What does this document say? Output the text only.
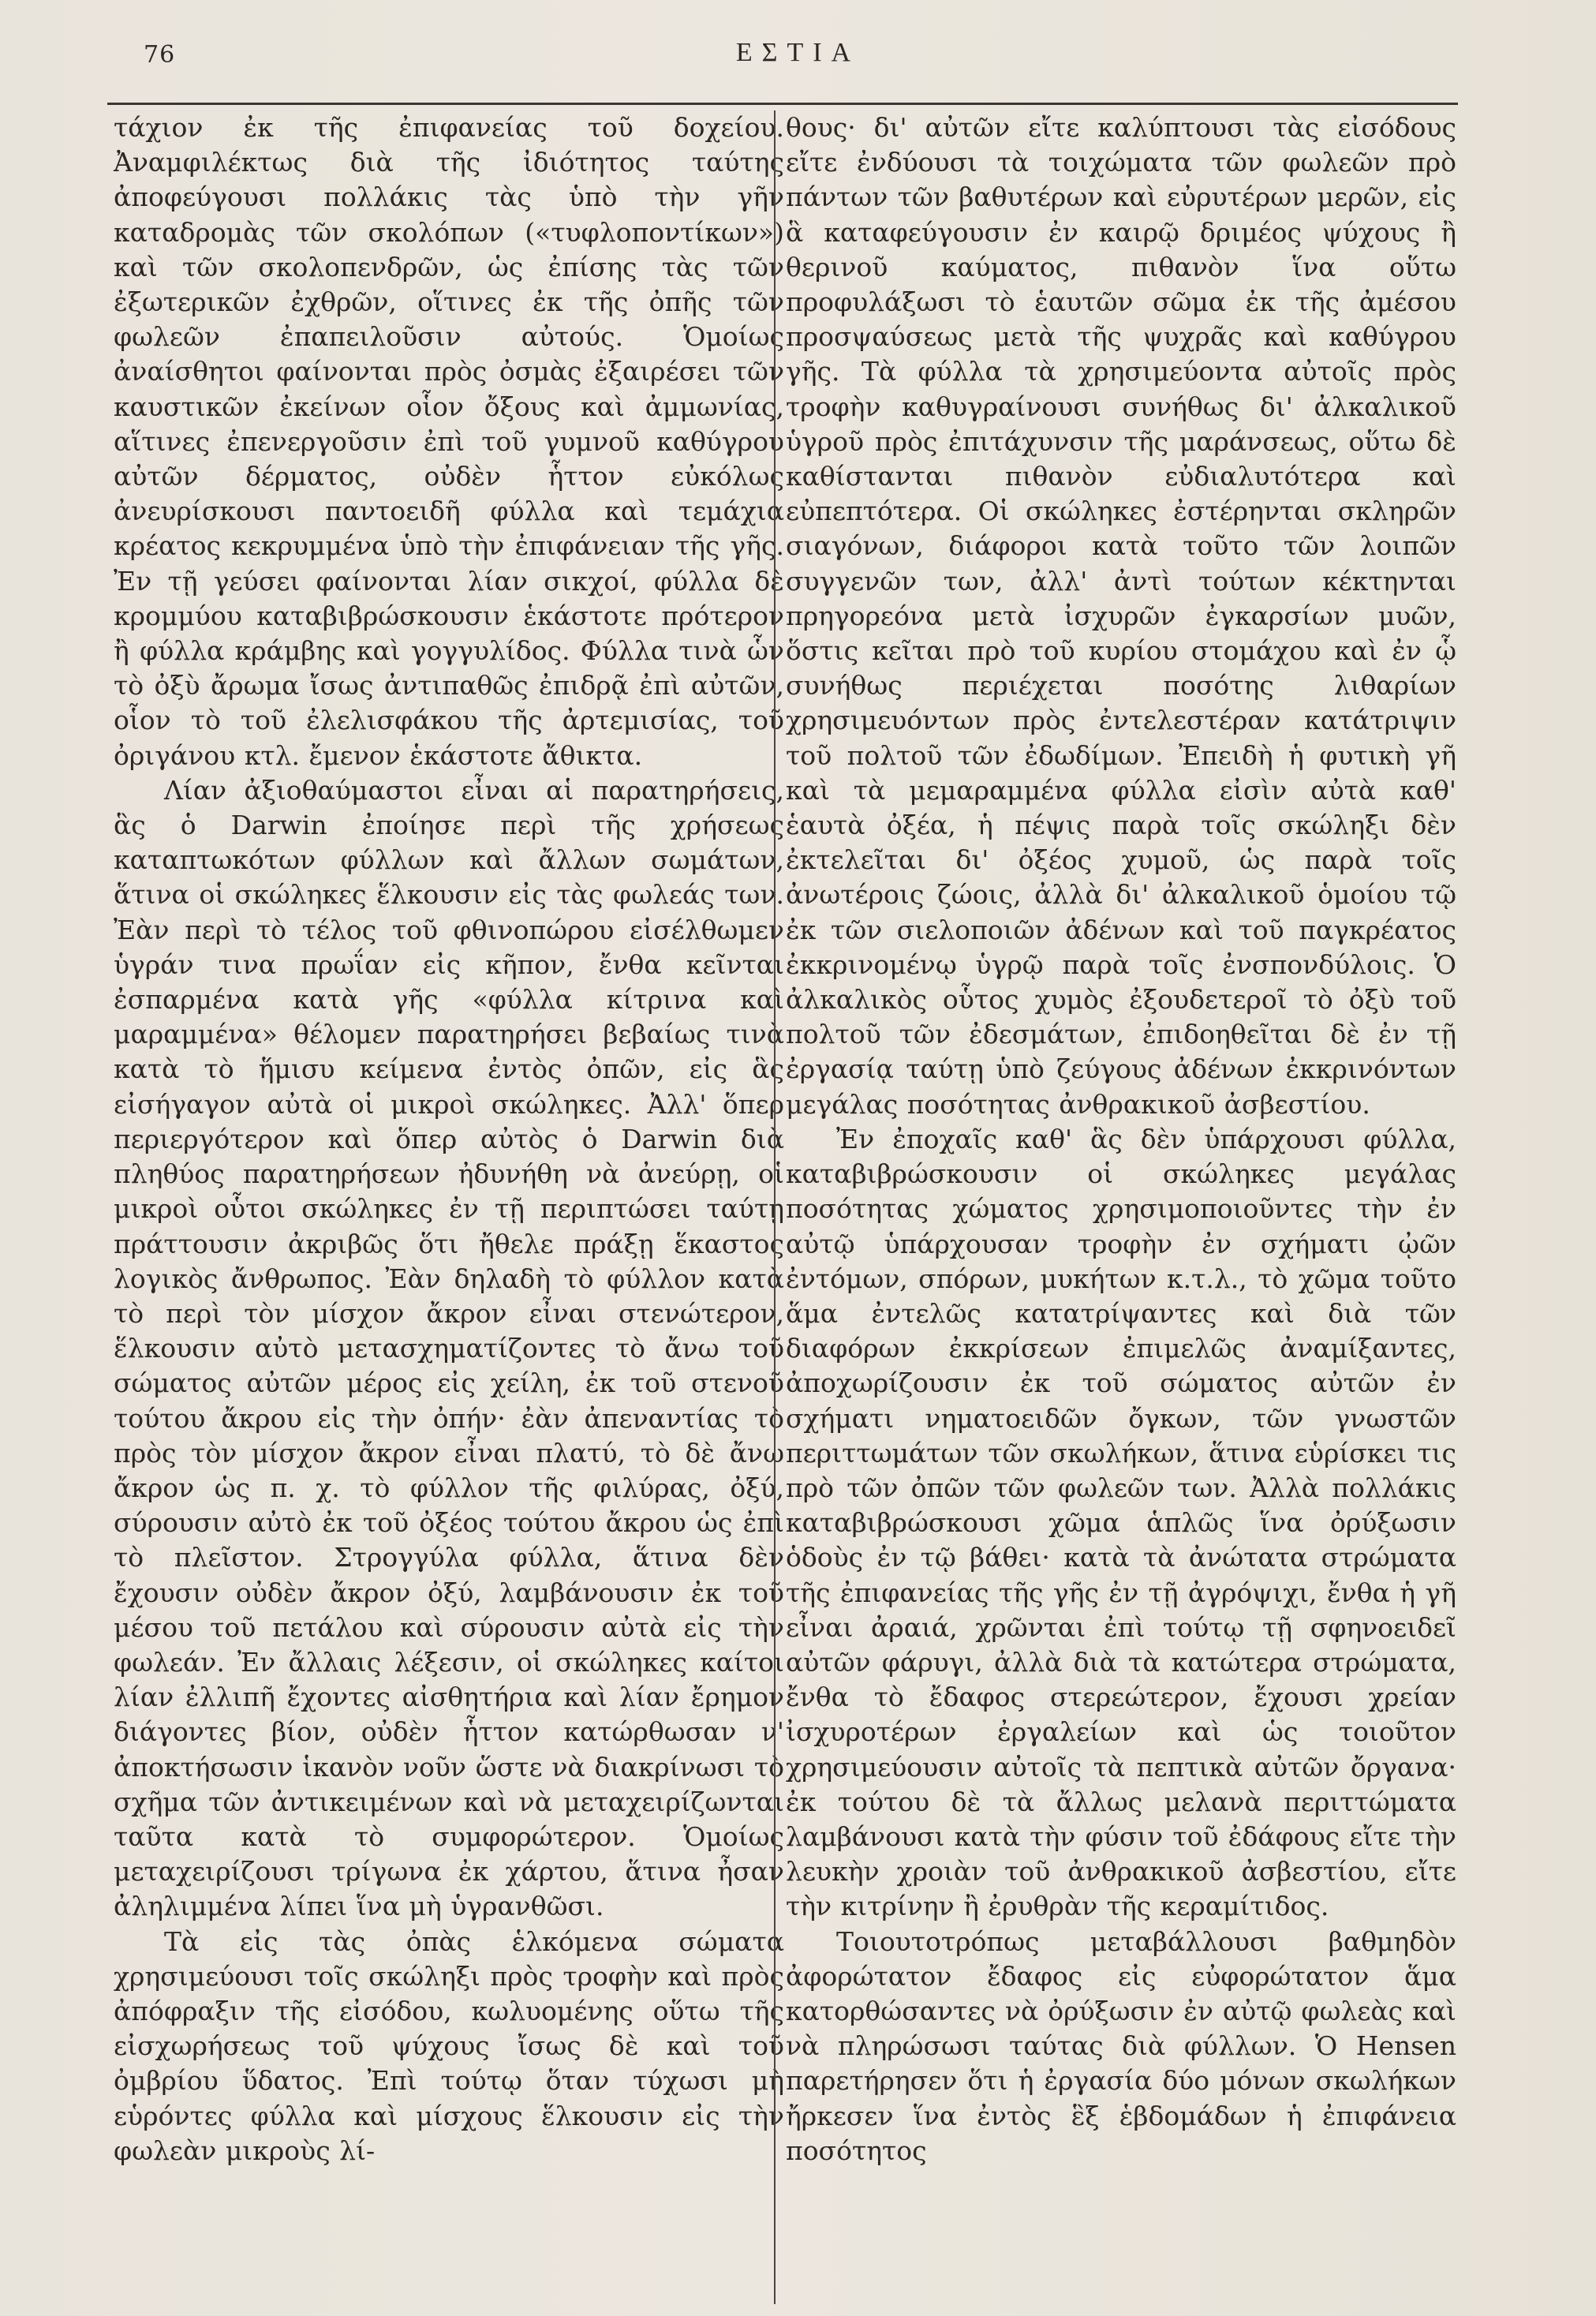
76	ΕΣΤΙΑ

τάχιον ἐκ τῆς ἐπιφανείας τοῦ δοχείου. Ἀναμφιλέκτως διὰ τῆς ἰδιότητος ταύτης ἀποφεύγουσι πολλάκις τὰς ὑπὸ τὴν γῆν καταδρομὰς τῶν σκολόπων («τυφλοποντίκων») καὶ τῶν σκολοπενδρῶν, ὡς ἐπίσης τὰς τῶν ἐξωτερικῶν ἐχθρῶν, οἵτινες ἐκ τῆς ὀπῆς τῶν φωλεῶν ἐπαπειλοῦσιν αὐτούς. Ὁμοίως ἀναίσθητοι φαίνονται πρὸς ὀσμὰς ἐξαιρέσει τῶν καυστικῶν ἐκείνων οἷον ὄξους καὶ ἀμμωνίας, αἵτινες ἐπενεργοῦσιν ἐπὶ τοῦ γυμνοῦ καθύγρου αὐτῶν δέρματος, οὐδὲν ἧττον εὐκόλως ἀνευρίσκουσι παντοειδῆ φύλλα καὶ τεμάχια κρέατος κεκρυμμένα ὑπὸ τὴν ἐπιφάνειαν τῆς γῆς. Ἐν τῇ γεύσει φαίνονται λίαν σικχοί, φύλλα δὲ κρομμύου καταβιβρώσκουσιν ἑκάστοτε πρότερον ἢ φύλλα κράμβης καὶ γογγυλίδος. Φύλλα τινὰ ὧν τὸ ὀξὺ ἄρωμα ἴσως ἀντιπαθῶς ἐπιδρᾷ ἐπὶ αὐτῶν, οἷον τὸ τοῦ ἐλελισφάκου τῆς ἀρτεμισίας, τοῦ ὀριγάνου κτλ. ἔμενον ἑκάστοτε ἄθικτα.

Λίαν ἀξιοθαύμαστοι εἶναι αἱ παρατηρήσεις, ἃς ὁ Darwin ἐποίησε περὶ τῆς χρήσεως καταπτωκότων φύλλων καὶ ἄλλων σωμάτων, ἅτινα οἱ σκώληκες ἕλκουσιν εἰς τὰς φωλεάς των. Ἐὰν περὶ τὸ τέλος τοῦ φθινοπώρου εἰσέλθωμεν ὑγράν τινα πρωΐαν εἰς κῆπον, ἔνθα κεῖνται ἐσπαρμένα κατὰ γῆς «φύλλα κίτρινα καὶ μαραμμένα» θέλομεν παρατηρήσει βεβαίως τινὰ κατὰ τὸ ἥμισυ κείμενα ἐντὸς ὀπῶν, εἰς ἃς εἰσήγαγον αὐτὰ οἱ μικροὶ σκώληκες. Ἀλλ' ὅπερ περιεργότερον καὶ ὅπερ αὐτὸς ὁ Darwin διὰ πληθύος παρατηρήσεων ἠδυνήθη νὰ ἀνεύρῃ, οἱ μικροὶ οὗτοι σκώληκες ἐν τῇ περιπτώσει ταύτῃ πράττουσιν ἀκριβῶς ὅτι ἤθελε πράξῃ ἕκαστος λογικὸς ἄνθρωπος. Ἐὰν δηλαδὴ τὸ φύλλον κατὰ τὸ περὶ τὸν μίσχον ἄκρον εἶναι στενώτερον, ἕλκουσιν αὐτὸ μετασχηματίζοντες τὸ ἄνω τοῦ σώματος αὐτῶν μέρος εἰς χείλη, ἐκ τοῦ στενοῦ τούτου ἄκρου εἰς τὴν ὀπήν· ἐὰν ἀπεναντίας τὸ πρὸς τὸν μίσχον ἄκρον εἶναι πλατύ, τὸ δὲ ἄνω ἄκρον ὡς π. χ. τὸ φύλλον τῆς φιλύρας, ὀξύ, σύρουσιν αὐτὸ ἐκ τοῦ ὀξέος τούτου ἄκρου ὡς ἐπὶ τὸ πλεῖστον. Στρογγύλα φύλλα, ἅτινα δὲν ἔχουσιν οὐδὲν ἄκρον ὀξύ, λαμβάνουσιν ἐκ τοῦ μέσου τοῦ πετάλου καὶ σύρουσιν αὐτὰ εἰς τὴν φωλεάν. Ἐν ἄλλαις λέξεσιν, οἱ σκώληκες καίτοι λίαν ἐλλιπῆ ἔχοντες αἰσθητήρια καὶ λίαν ἔρημον διάγοντες βίον, οὐδὲν ἧττον κατώρθωσαν ν' ἀποκτήσωσιν ἱκανὸν νοῦν ὥστε νὰ διακρίνωσι τὸ σχῆμα τῶν ἀντικειμένων καὶ νὰ μεταχειρίζωνται ταῦτα κατὰ τὸ συμφορώτερον. Ὁμοίως μεταχειρίζουσι τρίγωνα ἐκ χάρτου, ἅτινα ἦσαν ἀληλιμμένα λίπει ἵνα μὴ ὑγρανθῶσι.

Τὰ εἰς τὰς ὀπὰς ἑλκόμενα σώματα χρησιμεύουσι τοῖς σκώληξι πρὸς τροφὴν καὶ πρὸς ἀπόφραξιν τῆς εἰσόδου, κωλυομένης οὕτω τῆς εἰσχωρήσεως τοῦ ψύχους ἴσως δὲ καὶ τοῦ ὀμβρίου ὕδατος. Ἐπὶ τούτῳ ὅταν τύχωσι μὴ εὑρόντες φύλλα καὶ μίσχους ἕλκουσιν εἰς τὴν φωλεὰν μικροὺς λί-

θους· δι' αὐτῶν εἴτε καλύπτουσι τὰς εἰσόδους εἴτε ἐνδύουσι τὰ τοιχώματα τῶν φωλεῶν πρὸ πάντων τῶν βαθυτέρων καὶ εὐρυτέρων μερῶν, εἰς ἃ καταφεύγουσιν ἐν καιρῷ δριμέος ψύχους ἢ θερινοῦ καύματος, πιθανὸν ἵνα οὕτω προφυλάξωσι τὸ ἑαυτῶν σῶμα ἐκ τῆς ἀμέσου προσψαύσεως μετὰ τῆς ψυχρᾶς καὶ καθύγρου γῆς. Τὰ φύλλα τὰ χρησιμεύοντα αὐτοῖς πρὸς τροφὴν καθυγραίνουσι συνήθως δι' ἀλκαλικοῦ ὑγροῦ πρὸς ἐπιτάχυνσιν τῆς μαράνσεως, οὕτω δὲ καθίστανται πιθανὸν εὐδιαλυτότερα καὶ εὐπεπτότερα. Οἱ σκώληκες ἐστέρηνται σκληρῶν σιαγόνων, διάφοροι κατὰ τοῦτο τῶν λοιπῶν συγγενῶν των, ἀλλ' ἀντὶ τούτων κέκτηνται πρηγορεόνα μετὰ ἰσχυρῶν ἐγκαρσίων μυῶν, ὅστις κεῖται πρὸ τοῦ κυρίου στομάχου καὶ ἐν ᾧ συνήθως περιέχεται ποσότης λιθαρίων χρησιμευόντων πρὸς ἐντελεστέραν κατάτριψιν τοῦ πολτοῦ τῶν ἐδωδίμων. Ἐπειδὴ ἡ φυτικὴ γῆ καὶ τὰ μεμαραμμένα φύλλα εἰσὶν αὐτὰ καθ' ἑαυτὰ ὀξέα, ἡ πέψις παρὰ τοῖς σκώληξι δὲν ἐκτελεῖται δι' ὀξέος χυμοῦ, ὡς παρὰ τοῖς ἀνωτέροις ζώοις, ἀλλὰ δι' ἀλκαλικοῦ ὁμοίου τῷ ἐκ τῶν σιελοποιῶν ἀδένων καὶ τοῦ παγκρέατος ἐκκρινομένῳ ὑγρῷ παρὰ τοῖς ἐνσπονδύλοις. Ὁ ἀλκαλικὸς οὗτος χυμὸς ἐξουδετεροῖ τὸ ὀξὺ τοῦ πολτοῦ τῶν ἐδεσμάτων, ἐπιδοηθεῖται δὲ ἐν τῇ ἐργασίᾳ ταύτῃ ὑπὸ ζεύγους ἀδένων ἐκκρινόντων μεγάλας ποσότητας ἀνθρακικοῦ ἀσβεστίου.

Ἐν ἐποχαῖς καθ' ἃς δὲν ὑπάρχουσι φύλλα, καταβιβρώσκουσιν οἱ σκώληκες μεγάλας ποσότητας χώματος χρησιμοποιοῦντες τὴν ἐν αὐτῷ ὑπάρχουσαν τροφὴν ἐν σχήματι ᾠῶν ἐντόμων, σπόρων, μυκήτων κ.τ.λ., τὸ χῶμα τοῦτο ἅμα ἐντελῶς κατατρίψαντες καὶ διὰ τῶν διαφόρων ἐκκρίσεων ἐπιμελῶς ἀναμίξαντες, ἀποχωρίζουσιν ἐκ τοῦ σώματος αὐτῶν ἐν σχήματι νηματοειδῶν ὄγκων, τῶν γνωστῶν περιττωμάτων τῶν σκωλήκων, ἅτινα εὑρίσκει τις πρὸ τῶν ὀπῶν τῶν φωλεῶν των. Ἀλλὰ πολλάκις καταβιβρώσκουσι χῶμα ἁπλῶς ἵνα ὀρύξωσιν ὁδοὺς ἐν τῷ βάθει· κατὰ τὰ ἀνώτατα στρώματα τῆς ἐπιφανείας τῆς γῆς ἐν τῇ ἀγρόψιχι, ἔνθα ἡ γῆ εἶναι ἀραιά, χρῶνται ἐπὶ τούτῳ τῇ σφηνοειδεῖ αὐτῶν φάρυγι, ἀλλὰ διὰ τὰ κατώτερα στρώματα, ἔνθα τὸ ἔδαφος στερεώτερον, ἔχουσι χρείαν ἰσχυροτέρων ἐργαλείων καὶ ὡς τοιοῦτον χρησιμεύουσιν αὐτοῖς τὰ πεπτικὰ αὐτῶν ὄργανα· ἐκ τούτου δὲ τὰ ἄλλως μελανὰ περιττώματα λαμβάνουσι κατὰ τὴν φύσιν τοῦ ἐδάφους εἴτε τὴν λευκὴν χροιὰν τοῦ ἀνθρακικοῦ ἀσβεστίου, εἴτε τὴν κιτρίνην ἢ ἐρυθρὰν τῆς κεραμίτιδος.

Τοιουτοτρόπως μεταβάλλουσι βαθμηδὸν ἀφορώτατον ἔδαφος εἰς εὐφορώτατον ἅμα κατορθώσαντες νὰ ὀρύξωσιν ἐν αὐτῷ φωλεὰς καὶ νὰ πληρώσωσι ταύτας διὰ φύλλων. Ὁ Hensen παρετήρησεν ὅτι ἡ ἐργασία δύο μόνων σκωλήκων ἤρκεσεν ἵνα ἐντὸς ἓξ ἑβδομάδων ἡ ἐπιφάνεια ποσότητος
